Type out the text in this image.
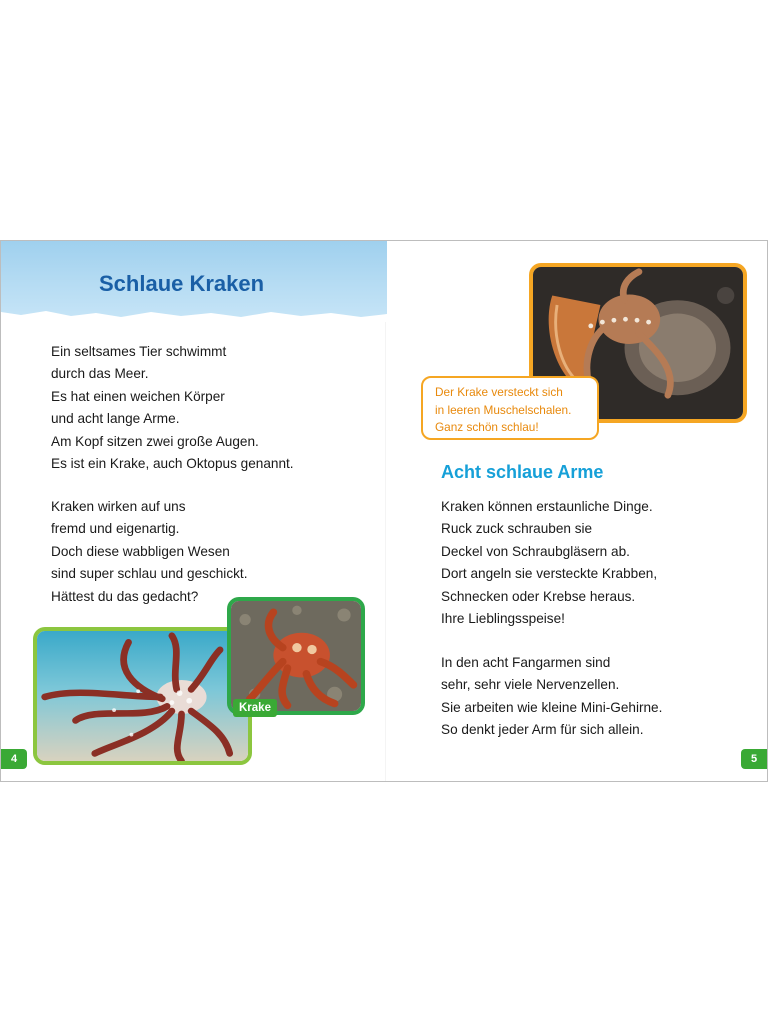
Schlaue Kraken

Ein seltsames Tier schwimmt

durch das Meer.

Es hat einen weichen Körper

und acht lange Arme.

Am Kopf sitzen zwei große Augen.

Es ist ein Krake, auch Oktopus genannt.

Kraken wirken auf uns

fremd und eigenartig.

Doch diese wabbligen Wesen

sind super schlau und geschickt.

Hättest du das gedacht?

Krake
4

Der Krake versteckt sich

in leeren Muschelschalen.

Ganz schön schlau!

Acht schlaue Arme

Kraken können erstaunliche Dinge.

Ruck zuck schrauben sie

Deckel von Schraubgläsern ab.

Dort angeln sie versteckte Krabben,

Schnecken oder Krebse heraus.

Ihre Lieblingsspeise!

In den acht Fangarmen sind

sehr, sehr viele Nervenzellen.

Sie arbeiten wie kleine Mini-Gehirne.

So denkt jeder Arm für sich allein.

5
